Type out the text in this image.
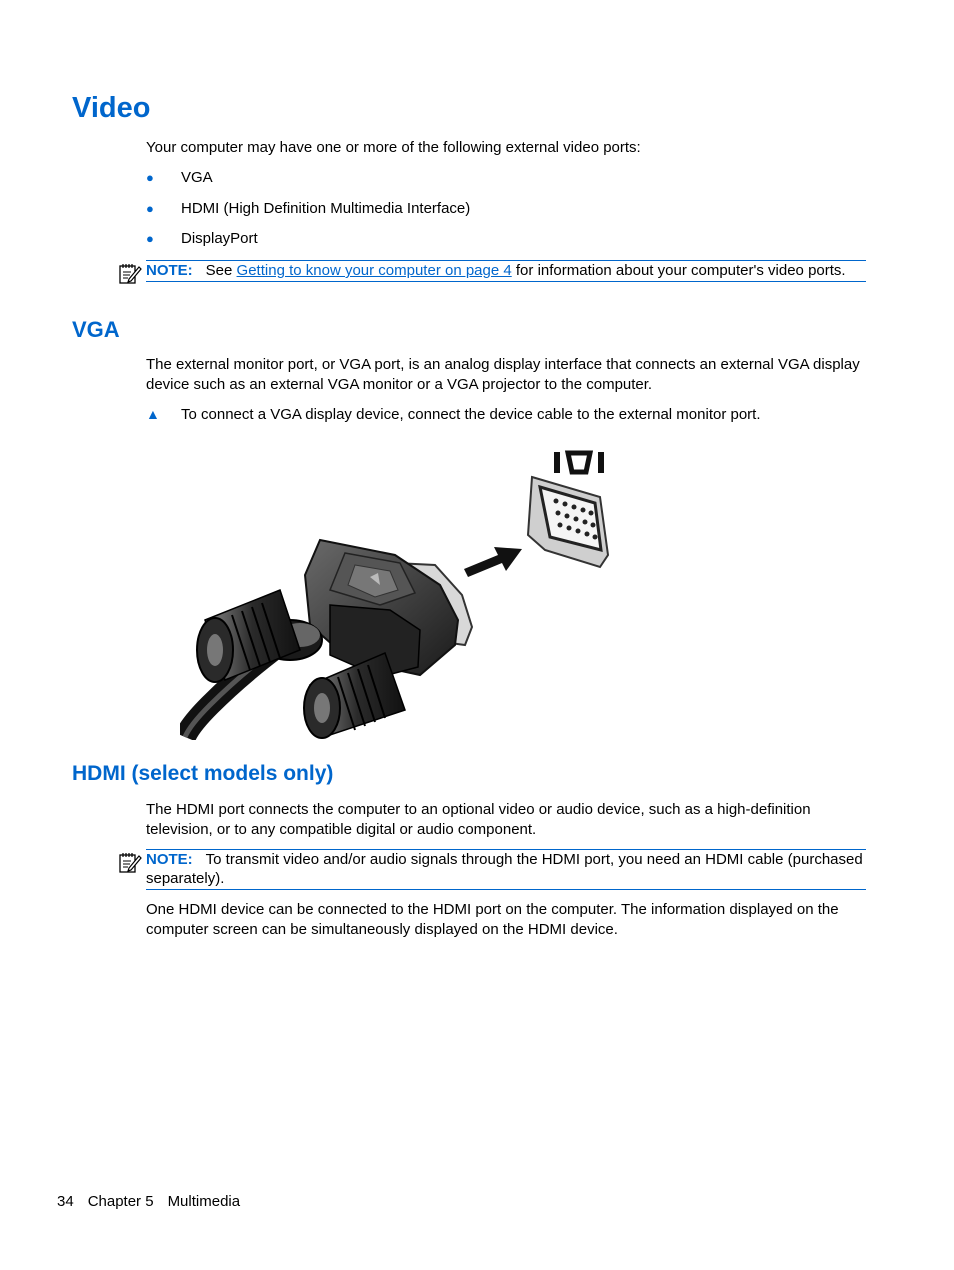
Video

Your computer may have one or more of the following external video ports:

● VGA
● HDMI (High Definition Multimedia Interface)
● DisplayPort
NOTE: See Getting to know your computer on page 4 for information about your computer's video ports.
VGA

The external monitor port, or VGA port, is an analog display interface that connects an external VGA display device such as an external VGA monitor or a VGA projector to the computer.

▲ To connect a VGA display device, connect the device cable to the external monitor port.
HDMI (select models only)

The HDMI port connects the computer to an optional video or audio device, such as a high-definition television, or to any compatible digital or audio component.

NOTE: To transmit video and/or audio signals through the HDMI port, you need an HDMI cable (purchased separately).

One HDMI device can be connected to the HDMI port on the computer. The information displayed on the computer screen can be simultaneously displayed on the HDMI device.

34 Chapter 5 Multimedia
